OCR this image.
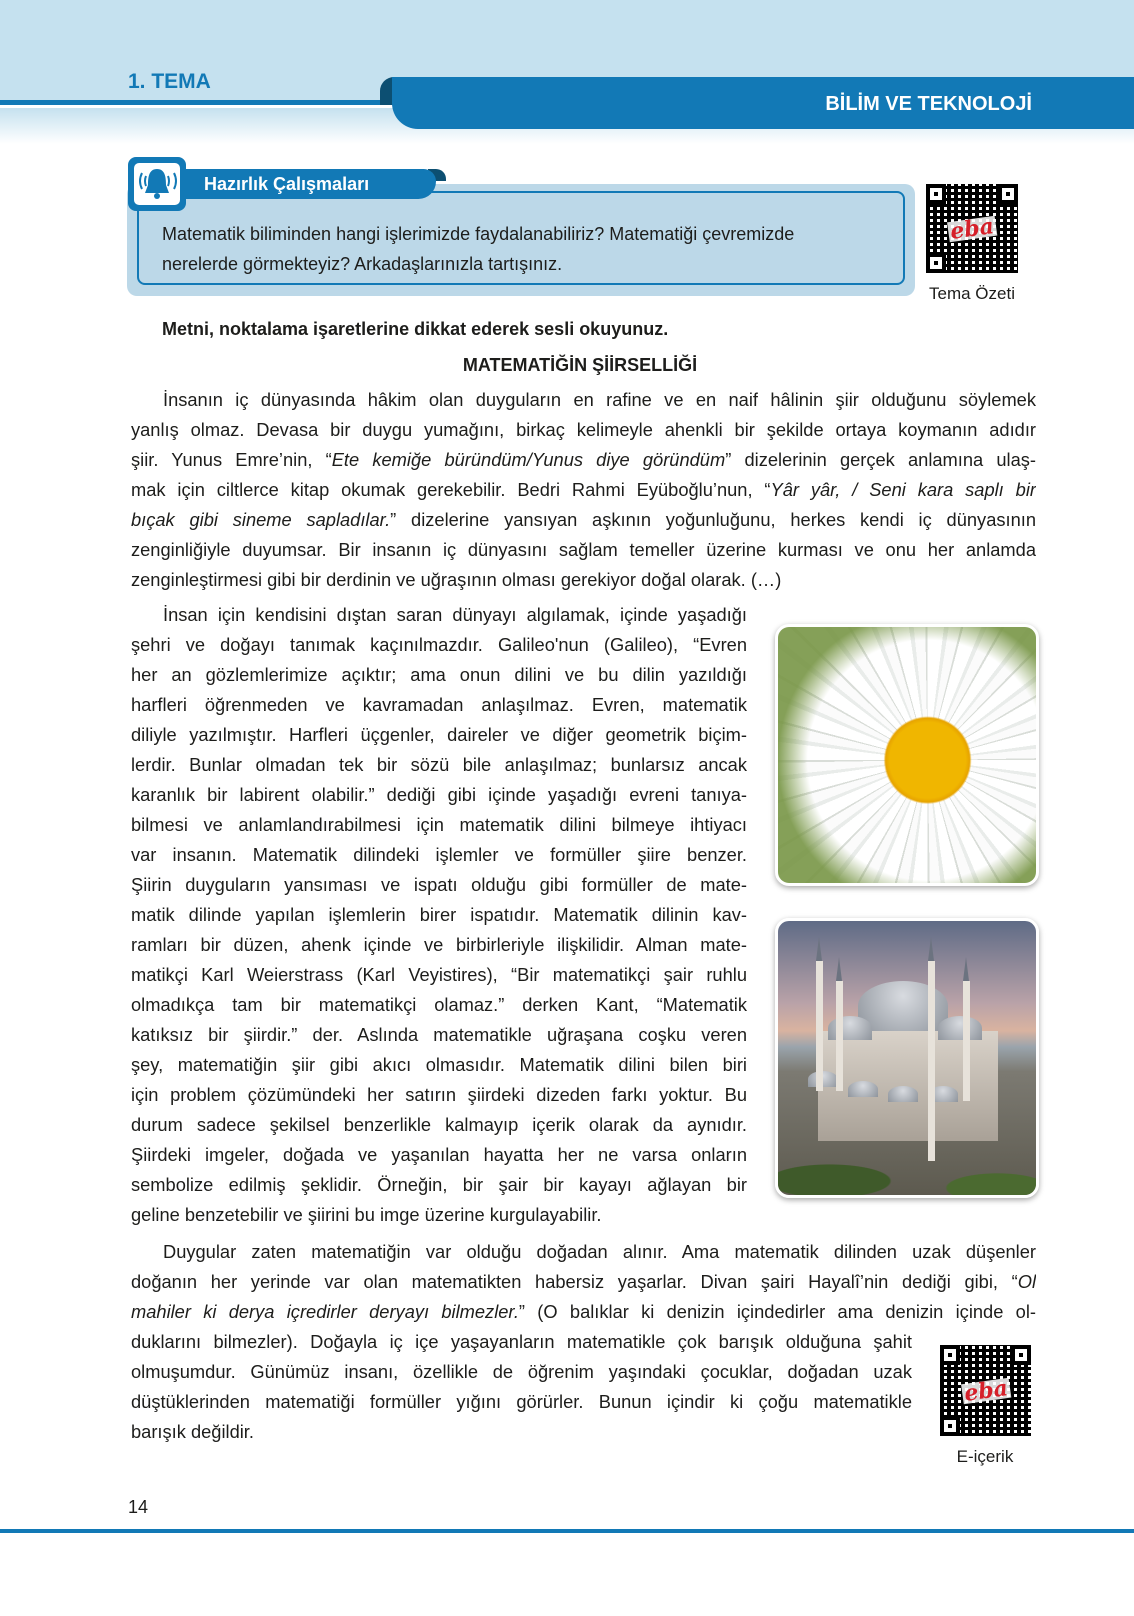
1. TEMA
BİLİM VE TEKNOLOJİ
Hazırlık Çalışmaları
Matematik biliminden hangi işlerimizde faydalanabiliriz? Matematiği çevremizde
nerelerde görmekteyiz? Arkadaşlarınızla tartışınız.
eba
Tema Özeti
Metni, noktalama işaretlerine dikkat ederek sesli okuyunuz.
MATEMATİĞİN ŞİİRSELLİĞİ
İnsanın iç dünyasında hâkim olan duyguların en rafine ve en naif hâlinin şiir olduğunu söylemek
yanlış olmaz. Devasa bir duygu yumağını, birkaç kelimeyle ahenkli bir şekilde ortaya koymanın adıdır
şiir. Yunus Emre’nin, “Ete kemiğe büründüm/Yunus diye göründüm” dizelerinin gerçek anlamına ulaş-
mak için ciltlerce kitap okumak gerekebilir. Bedri Rahmi Eyüboğlu’nun, “Yâr yâr, / Seni kara saplı bir
bıçak gibi sineme sapladılar.” dizelerine yansıyan aşkının yoğunluğunu, herkes kendi iç dünyasının
zenginliğiyle duyumsar. Bir insanın iç dünyasını sağlam temeller üzerine kurması ve onu her anlamda
zenginleştirmesi gibi bir derdinin ve uğraşının olması gerekiyor doğal olarak. (…)
İnsan için kendisini dıştan saran dünyayı algılamak, içinde yaşadığı
şehri ve doğayı tanımak kaçınılmazdır. Galileo'nun (Galileo), “Evren
her an gözlemlerimize açıktır; ama onun dilini ve bu dilin yazıldığı
harfleri öğrenmeden ve kavramadan anlaşılmaz. Evren, matematik
diliyle yazılmıştır. Harfleri üçgenler, daireler ve diğer geometrik biçim-
lerdir. Bunlar olmadan tek bir sözü bile anlaşılmaz; bunlarsız ancak
karanlık bir labirent olabilir.” dediği gibi içinde yaşadığı evreni tanıya-
bilmesi ve anlamlandırabilmesi için matematik dilini bilmeye ihtiyacı
var insanın. Matematik dilindeki işlemler ve formüller şiire benzer.
Şiirin duyguların yansıması ve ispatı olduğu gibi formüller de mate-
matik dilinde yapılan işlemlerin birer ispatıdır. Matematik dilinin kav-
ramları bir düzen, ahenk içinde ve birbirleriyle ilişkilidir. Alman mate-
matikçi Karl Weierstrass (Karl Veyistires), “Bir matematikçi şair ruhlu
olmadıkça tam bir matematikçi olamaz.” derken Kant, “Matematik
katıksız bir şiirdir.” der. Aslında matematikle uğraşana coşku veren
şey, matematiğin şiir gibi akıcı olmasıdır. Matematik dilini bilen biri
için problem çözümündeki her satırın şiirdeki dizeden farkı yoktur. Bu
durum sadece şekilsel benzerlikle kalmayıp içerik olarak da aynıdır.
Şiirdeki imgeler, doğada ve yaşanılan hayatta her ne varsa onların
sembolize edilmiş şeklidir. Örneğin, bir şair bir kayayı ağlayan bir
geline benzetebilir ve şiirini bu imge üzerine kurgulayabilir.
Duygular zaten matematiğin var olduğu doğadan alınır. Ama matematik dilinden uzak düşenler
doğanın her yerinde var olan matematikten habersiz yaşarlar. Divan şairi Hayalî’nin dediği gibi, “Ol
mahiler ki derya içredirler deryayı bilmezler.” (O balıklar ki denizin içindedirler ama denizin içinde ol-
duklarını bilmezler). Doğayla iç içe yaşayanların matematikle çok barışık olduğuna şahit
olmuşumdur. Günümüz insanı, özellikle de öğrenim yaşındaki çocuklar, doğadan uzak
düştüklerinden matematiği formüller yığını görürler. Bunun içindir ki çoğu matematikle
barışık değildir.
eba
E-içerik
14
